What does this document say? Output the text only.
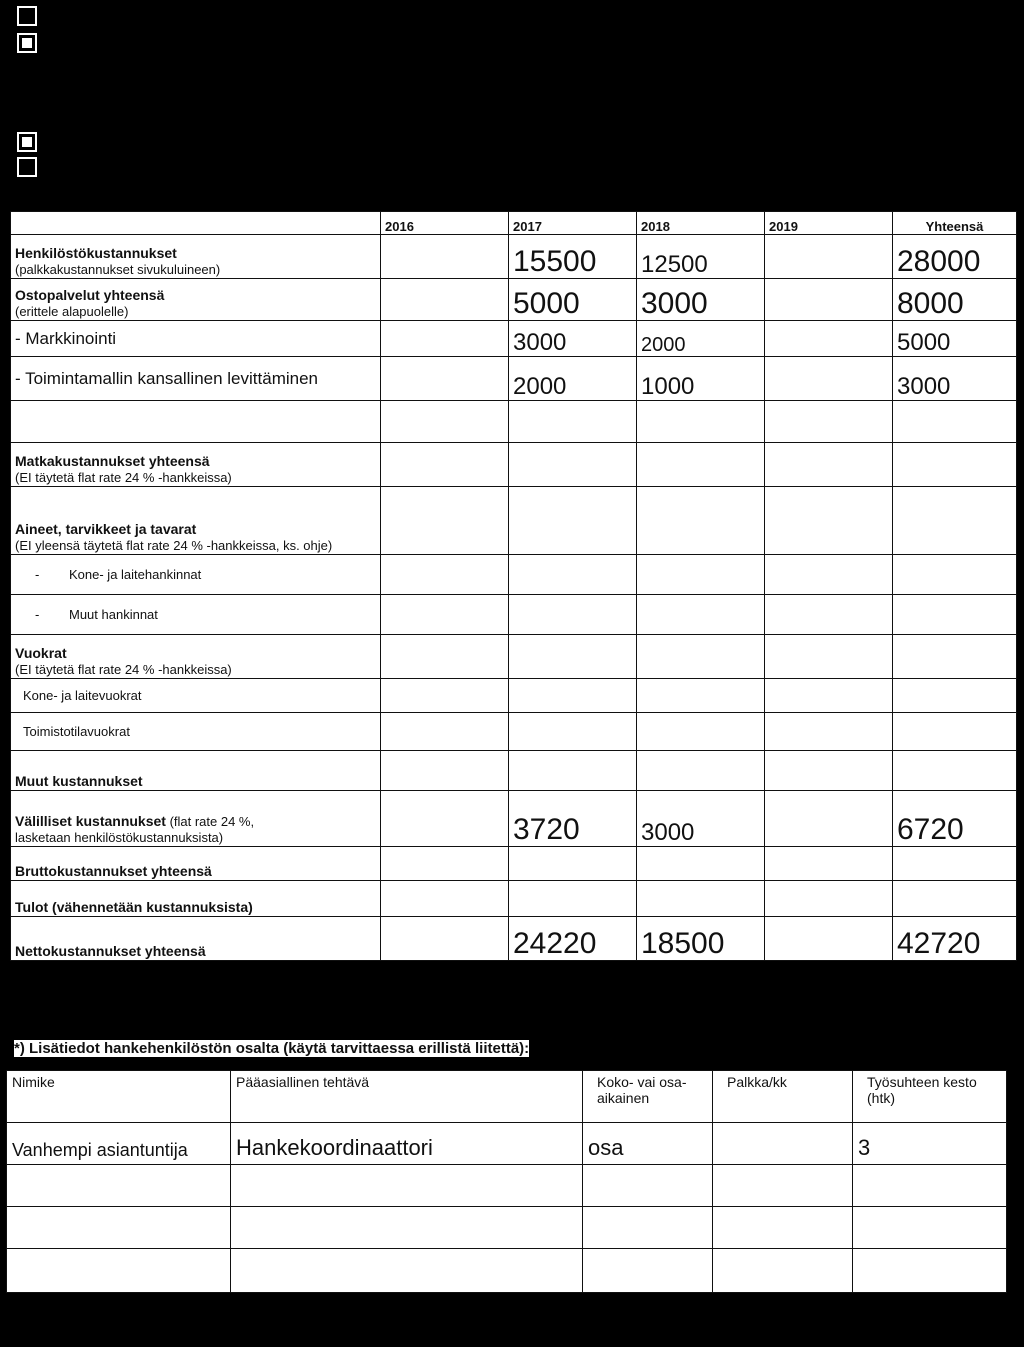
	2016	2017	2018	2019	Yhteensä

Henkilöstökustannukset
(palkkakustannukset sivukuluineen)		15500	12500		28000

Ostopalvelut yhteensä
(erittele alapuolelle)		5000	3000		8000
- Markkinointi		3000	2000		5000
- Toimintamallin kansallinen levittäminen		2000	1000		3000

Matkakustannukset yhteensä
(EI täytetä flat rate 24 % -hankkeissa)					

Aineet, tarvikkeet ja tavarat
(EI yleensä täytetä flat rate 24 % -hankkeissa, ks. ohje)					

- Kone- ja laitehankinnat					
- Muut hankinnat					

Vuokrat
(EI täytetä flat rate 24 % -hankkeissa)					

Kone- ja laitevuokrat					
Toimistotilavuokrat					

Muut kustannukset					

Välilliset kustannukset (flat rate 24 %,
lasketaan henkilöstökustannuksista)		3720	3000		6720

Bruttokustannukset yhteensä					

Tulot (vähennetään kustannuksista)					

Nettokustannukset yhteensä		24220	18500		42720
*) Lisätiedot hankehenkilöstön osalta (käytä tarvittaessa erillistä liitettä):
Nimike	Pääasiallinen tehtävä	Koko- vai osa-aikainen	Palkka/kk	Työsuhteen kesto (htk)
Vanhempi asiantuntija	Hankekoordinaattori	osa		3
